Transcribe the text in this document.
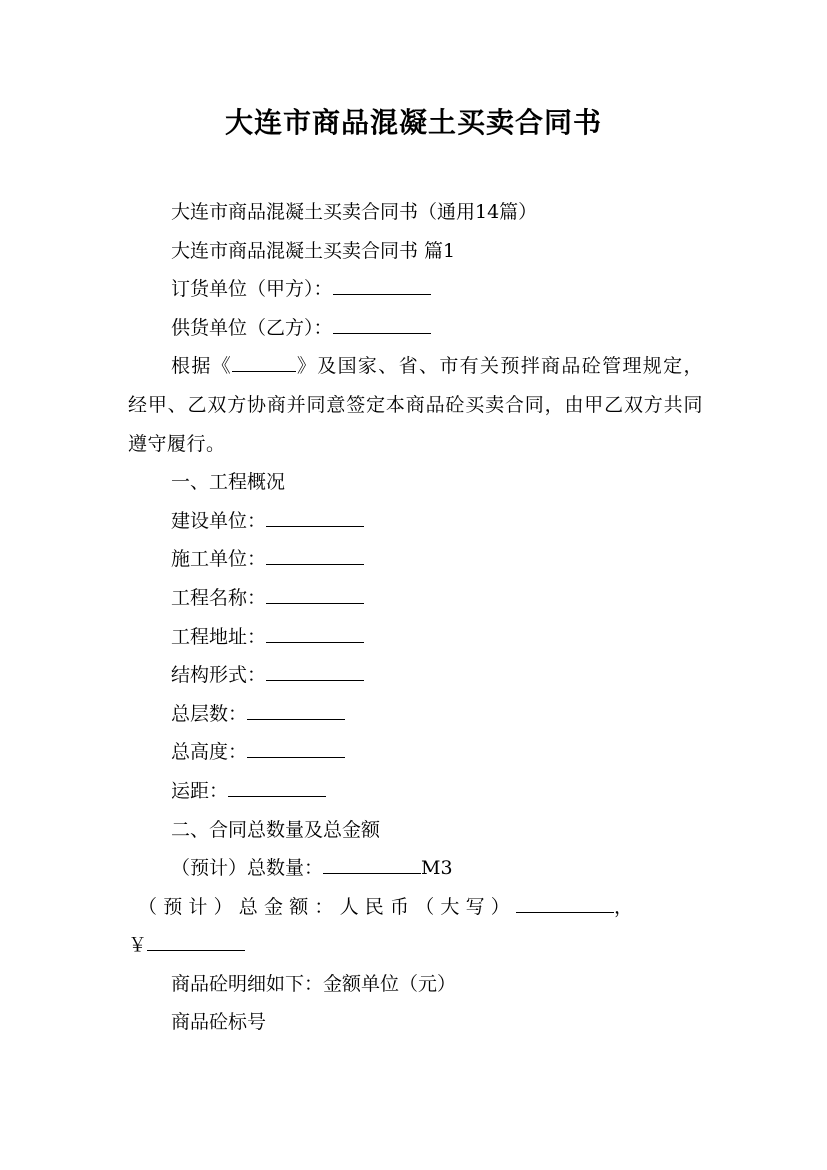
大连市商品混凝土买卖合同书
大连市商品混凝土买卖合同书（通用14篇）
大连市商品混凝土买卖合同书 篇1
订货单位（甲方）：
供货单位（乙方）：
根据《	》及国家、省、市有关预拌商品砼管理规定，经甲、乙双方协商并同意签定本商品砼买卖合同，由甲乙双方共同遵守履行。
一、工程概况
建设单位：
施工单位：
工程名称：
工程地址：
结构形式：
总层数：
总高度：
运距：
二、合同总数量及总金额
（预计）总数量：	M3
（预计）总金额：人民币（大写）	，
￥
商品砼明细如下：金额单位（元）
商品砼标号
